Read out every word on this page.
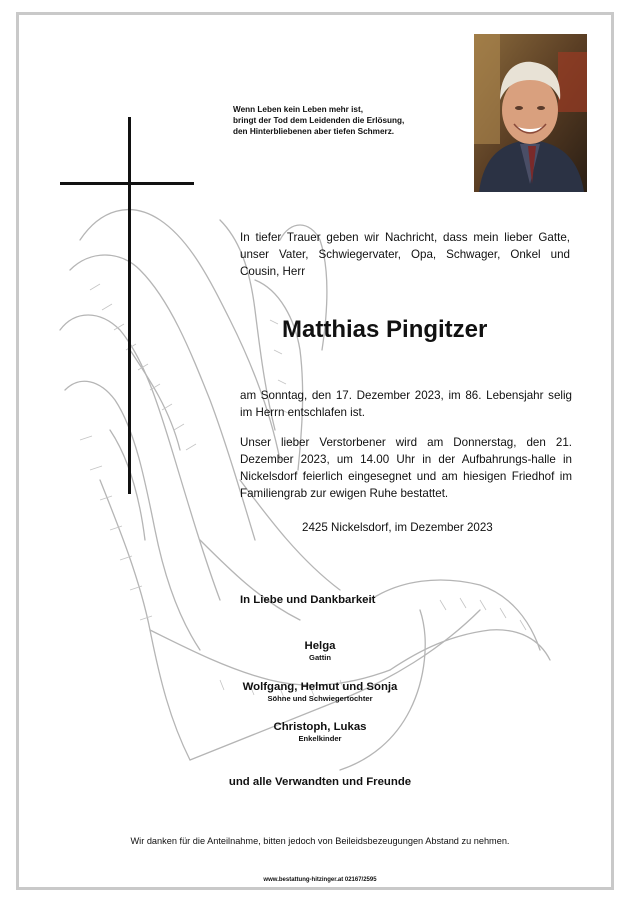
Wenn Leben kein Leben mehr ist,
bringt der Tod dem Leidenden die Erlösung,
den Hinterbliebenen aber tiefen Schmerz.
In tiefer Trauer geben wir Nachricht, dass mein lieber Gatte, unser Vater, Schwiegervater, Opa, Schwager, Onkel und Cousin, Herr
Matthias Pingitzer
am Sonntag, den 17. Dezember 2023, im 86. Lebensjahr selig im Herrn entschlafen ist.
Unser lieber Verstorbener wird am Donnerstag, den 21. Dezember 2023, um 14.00 Uhr in der Aufbahrungs-halle in Nickelsdorf feierlich eingesegnet und am hiesigen Friedhof im Familiengrab zur ewigen Ruhe bestattet.
2425 Nickelsdorf, im Dezember 2023
In Liebe und Dankbarkeit
Helga
Gattin
Wolfgang, Helmut und Sonja
Söhne und Schwiegertochter
Christoph, Lukas
Enkelkinder
und alle Verwandten und Freunde
Wir danken für die Anteilnahme, bitten jedoch von Beileidsbezeugungen Abstand zu nehmen.
www.bestattung-hitzinger.at 02167/2595
